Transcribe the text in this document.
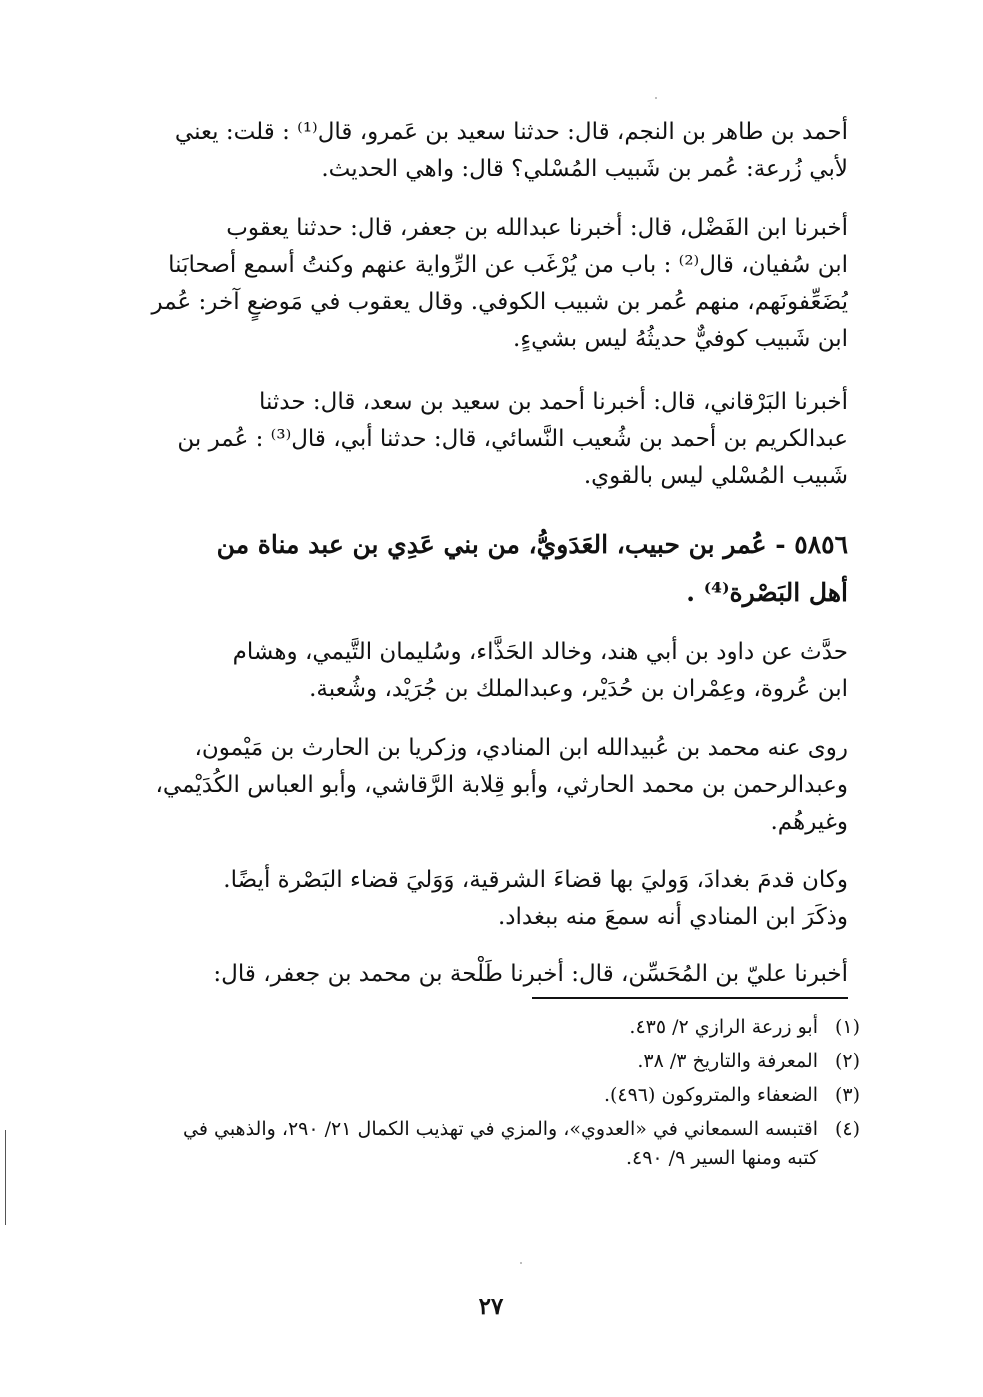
أحمد بن طاهر بن النجم، قال: حدثنا سعيد بن عَمرو، قال⁽¹⁾ : قلت: يعني
لأبي زُرعة: عُمر بن شَبيب المُسْلي؟ قال: واهي الحديث.

أخبرنا ابن الفَضْل، قال: أخبرنا عبدالله بن جعفر، قال: حدثنا يعقوب
ابن سُفيان، قال⁽²⁾ : باب من يُرْغَب عن الرِّواية عنهم وكنتُ أسمع أصحابَنا
يُضَعِّفونَهم، منهم عُمر بن شبيب الكوفي. وقال يعقوب في مَوضعٍ آخر: عُمر
ابن شَبيب كوفيٌّ حديثُهُ ليس بشيءٍ.

أخبرنا البَرْقاني، قال: أخبرنا أحمد بن سعيد بن سعد، قال: حدثنا
عبدالكريم بن أحمد بن شُعيب النَّسائي، قال: حدثنا أبي، قال⁽³⁾ : عُمر بن
شَبيب المُسْلي ليس بالقوي.

٥٨٥٦ - عُمر بن حبيب، العَدَويُّ، من بني عَدِي بن عبد مناة من
أهل البَصْرة⁽⁴⁾ .

حدَّث عن داود بن أبي هند، وخالد الحَذَّاء، وسُليمان التَّيمي، وهشام
ابن عُروة، وعِمْران بن حُدَيْر، وعبدالملك بن جُرَيْد، وشُعبة.

روى عنه محمد بن عُبيدالله ابن المنادي، وزكريا بن الحارث بن مَيْمون،
وعبدالرحمن بن محمد الحارثي، وأبو قِلابة الرَّقاشي، وأبو العباس الكُدَيْمي،
وغيرهُم.

وكان قدمَ بغدادَ، وَوليَ بها قضاءَ الشرقية، وَوَليَ قضاء البَصْرة أيضًا.
وذكَرَ ابن المنادي أنه سمعَ منه ببغداد.

أخبرنا عليّ بن المُحَسِّن، قال: أخبرنا طَلْحة بن محمد بن جعفر، قال:

(١)
أبو زرعة الرازي ٢/ ٤٣٥.
(٢)
المعرفة والتاريخ ٣/ ٣٨.
(٣)
الضعفاء والمتروكون (٤٩٦).
(٤)
اقتبسه السمعاني في «العدوي»، والمزي في تهذيب الكمال ٢١/ ٢٩٠، والذهبي في
كتبه ومنها السير ٩/ ٤٩٠.
٢٧
